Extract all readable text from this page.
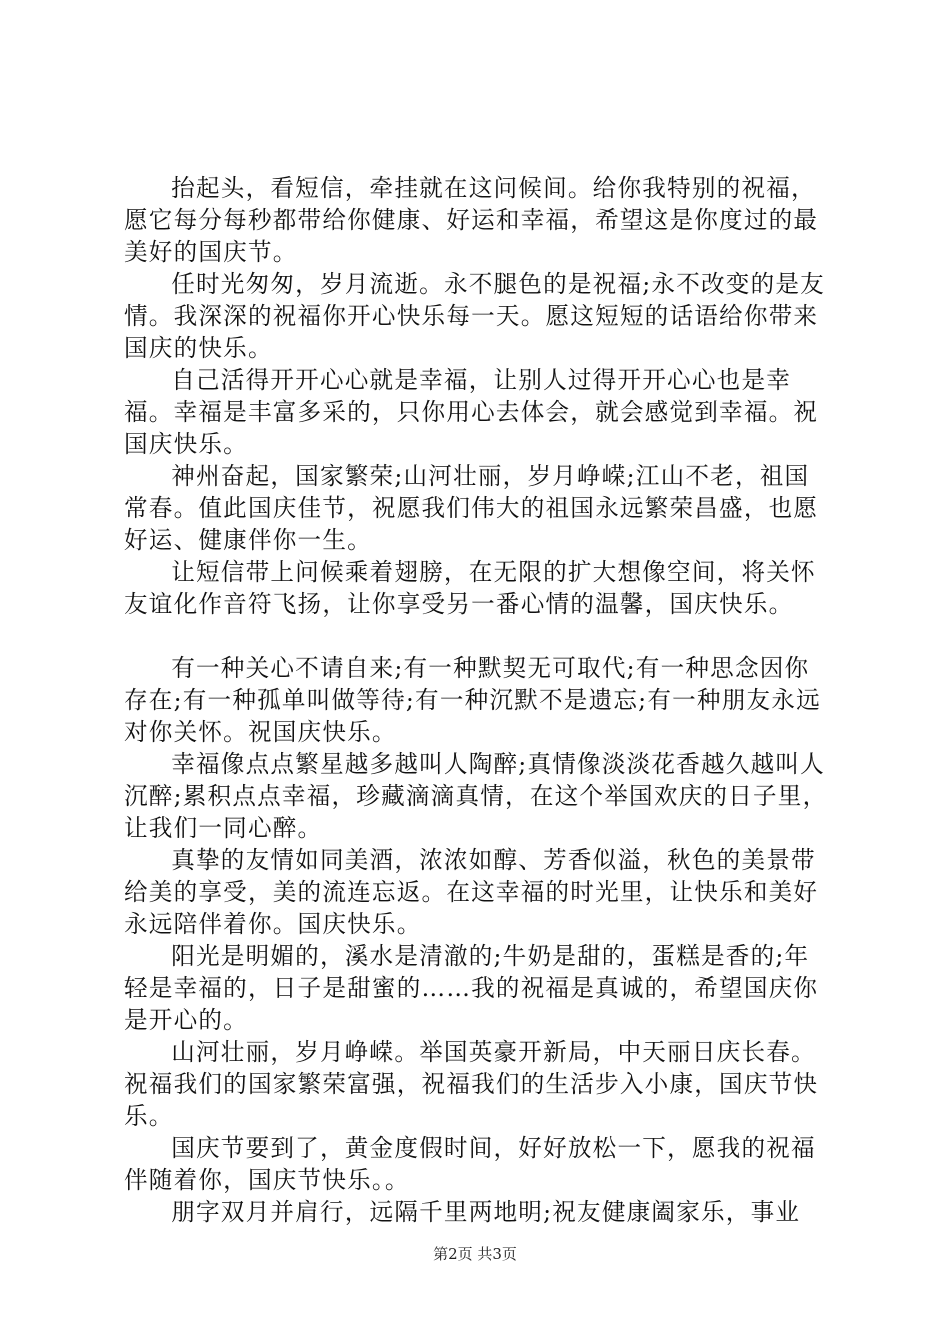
抬起头，看短信，牵挂就在这问候间。给你我特别的祝福，愿它每分每秒都带给你健康、好运和幸福，希望这是你度过的最美好的国庆节。

任时光匆匆，岁月流逝。永不腿色的是祝福;永不改变的是友情。我深深的祝福你开心快乐每一天。愿这短短的话语给你带来国庆的快乐。

自己活得开开心心就是幸福，让别人过得开开心心也是幸福。幸福是丰富多采的，只你用心去体会，就会感觉到幸福。祝国庆快乐。

神州奋起，国家繁荣;山河壮丽，岁月峥嵘;江山不老，祖国常春。值此国庆佳节，祝愿我们伟大的祖国永远繁荣昌盛，也愿好运、健康伴你一生。

让短信带上问候乘着翅膀，在无限的扩大想像空间，将关怀友谊化作音符飞扬，让你享受另一番心情的温馨，国庆快乐。

有一种关心不请自来;有一种默契无可取代;有一种思念因你存在;有一种孤单叫做等待;有一种沉默不是遗忘;有一种朋友永远对你关怀。祝国庆快乐。

幸福像点点繁星越多越叫人陶醉;真情像淡淡花香越久越叫人沉醉;累积点点幸福，珍藏滴滴真情，在这个举国欢庆的日子里，让我们一同心醉。

真挚的友情如同美酒，浓浓如醇、芳香似溢，秋色的美景带给美的享受，美的流连忘返。在这幸福的时光里，让快乐和美好永远陪伴着你。国庆快乐。

阳光是明媚的，溪水是清澈的;牛奶是甜的，蛋糕是香的;年轻是幸福的，日子是甜蜜的……我的祝福是真诚的，希望国庆你是开心的。

山河壮丽，岁月峥嵘。举国英豪开新局，中天丽日庆长春。祝福我们的国家繁荣富强，祝福我们的生活步入小康，国庆节快乐。

国庆节要到了，黄金度假时间，好好放松一下，愿我的祝福伴随着你，国庆节快乐。。

朋字双月并肩行，远隔千里两地明;祝友健康阖家乐，事业

第2页 共3页
